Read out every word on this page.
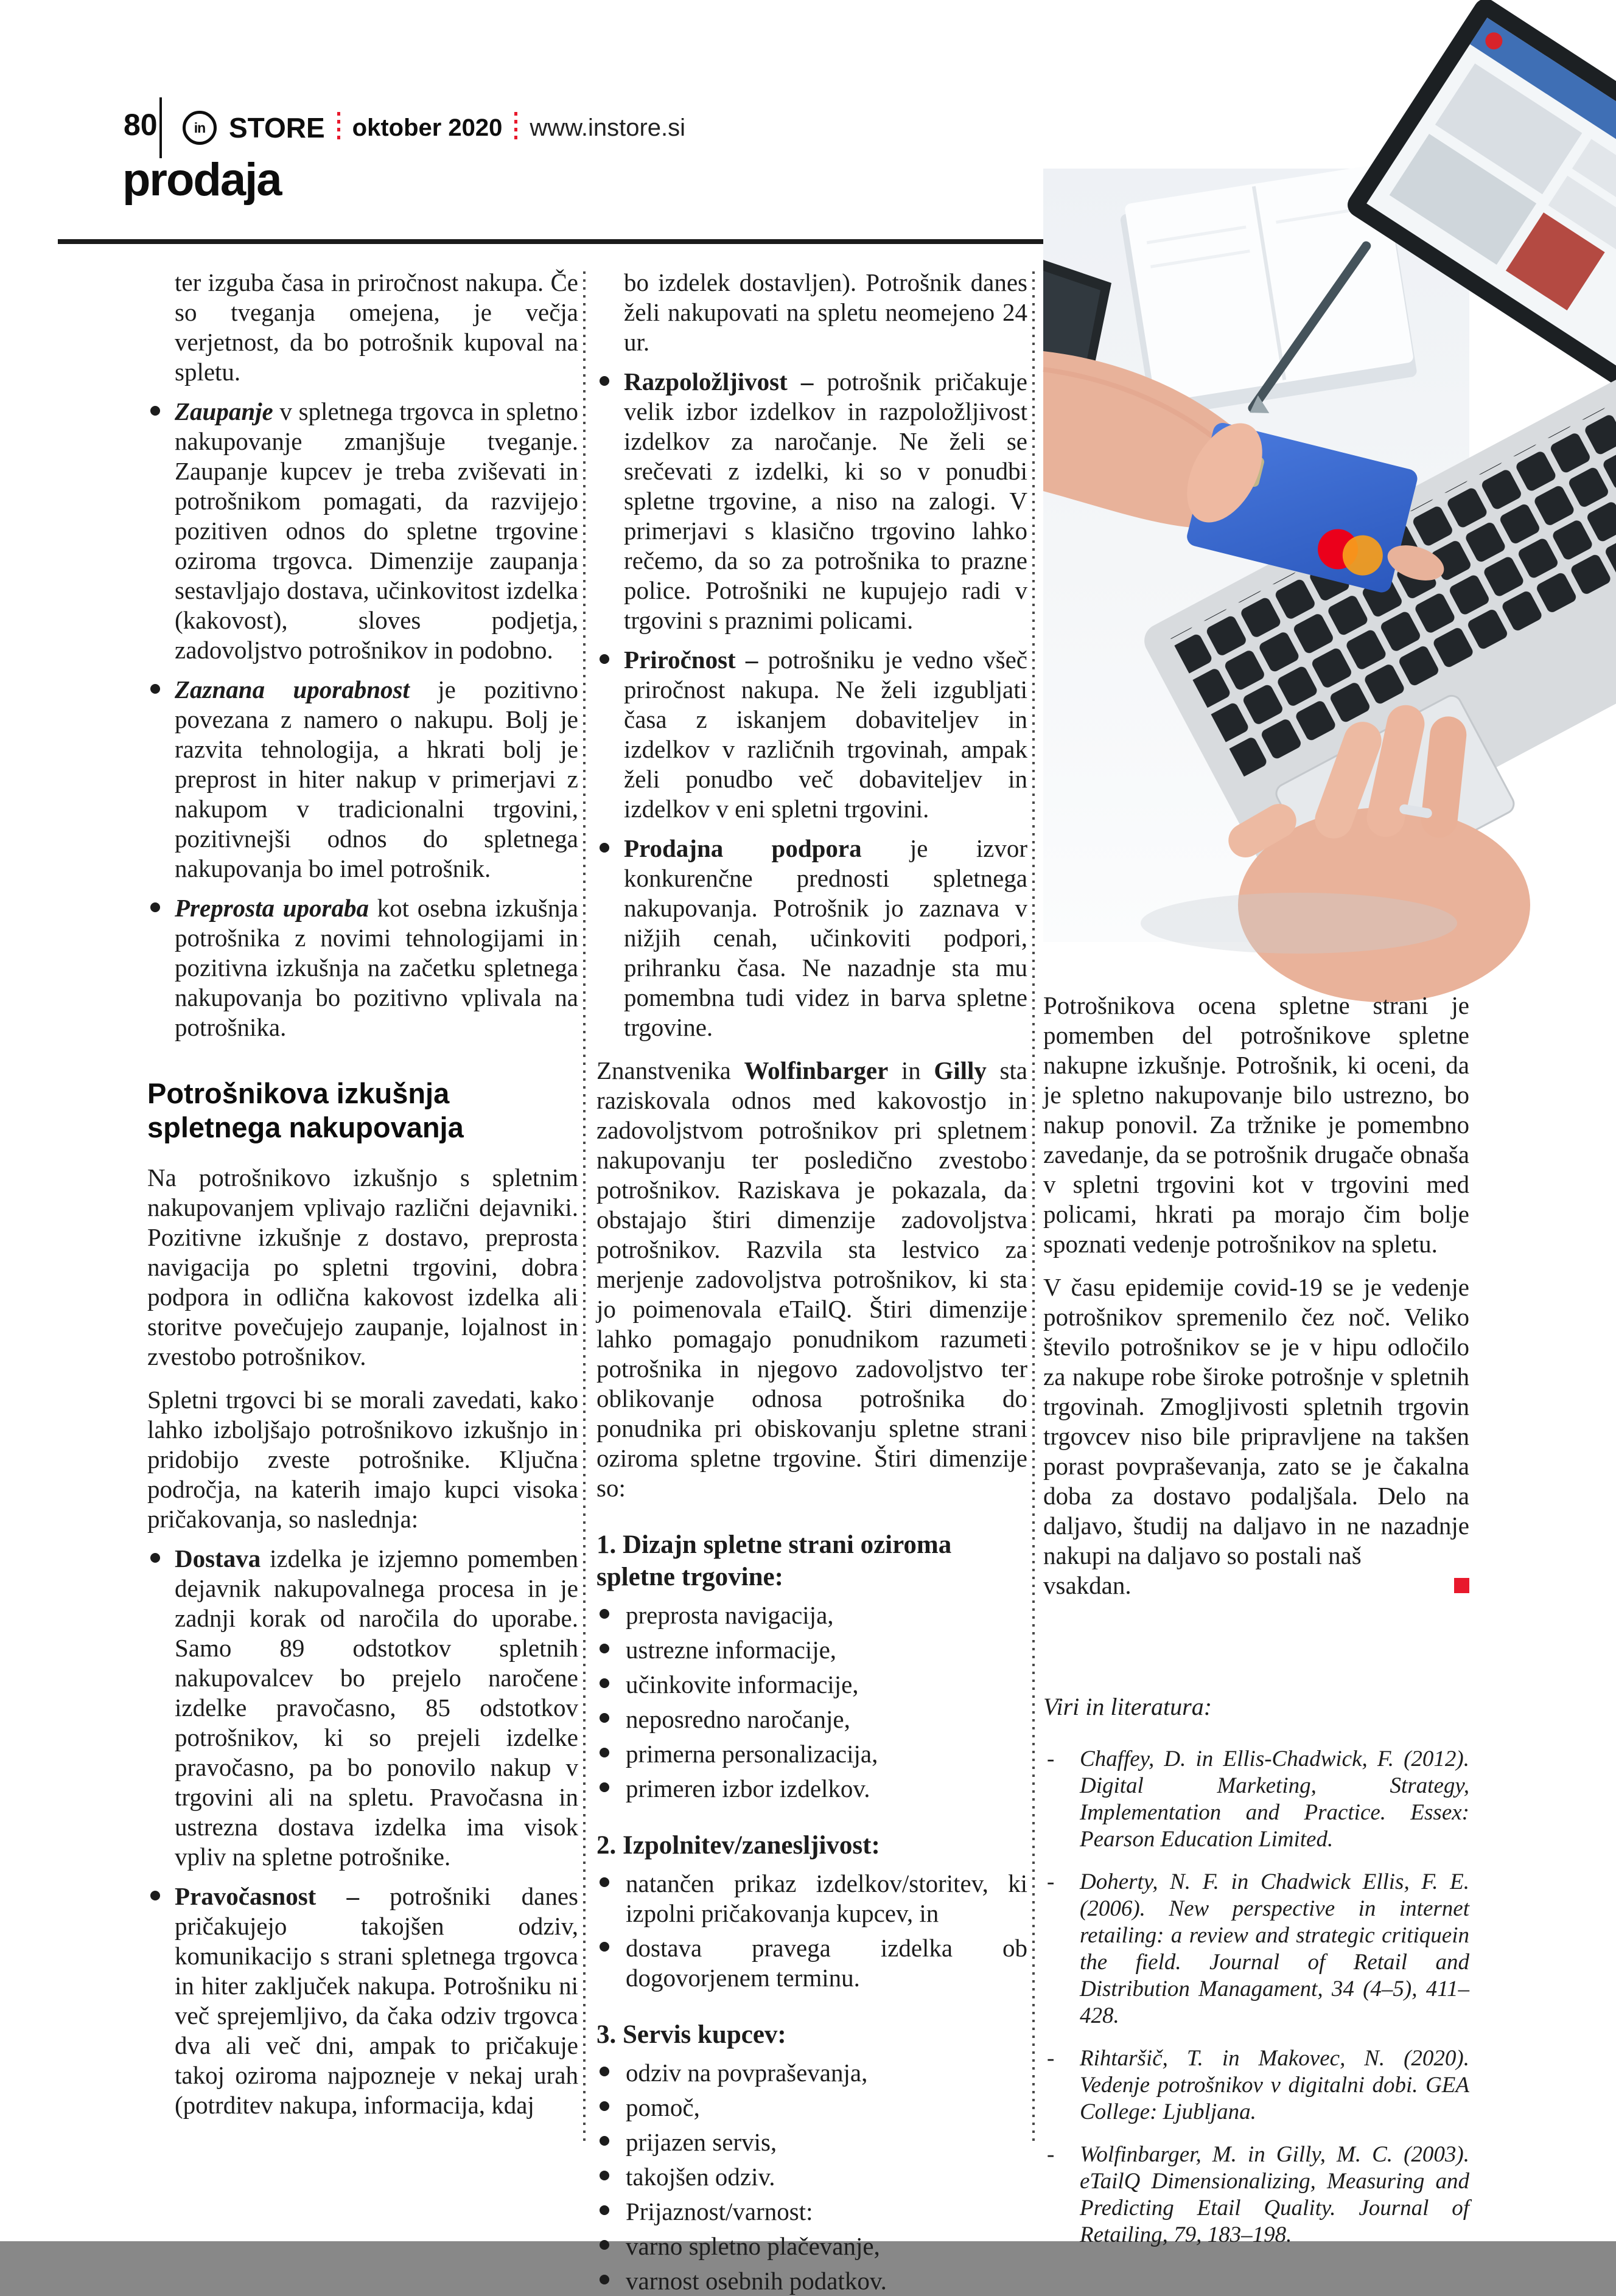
80	in STORE oktober 2020 www.instore.si
prodaja

ter izguba časa in priročnost nakupa. Če so tveganja omejena, je večja verjetnost, da bo potrošnik kupoval na spletu.

Zaupanje v spletnega trgovca in spletno nakupovanje zmanjšuje tveganje. Zaupanje kupcev je treba zviševati in potrošnikom pomagati, da razvijejo pozitiven odnos do spletne trgovine oziroma trgovca. Dimenzije zaupanja sestavljajo dostava, učinkovitost izdelka (kakovost), sloves podjetja, zadovoljstvo potrošnikov in podobno.
Zaznana uporabnost je pozitivno povezana z namero o nakupu. Bolj je razvita tehnologija, a hkrati bolj je preprost in hiter nakup v primerjavi z nakupom v tradicionalni trgovini, pozitivnejši odnos do spletnega nakupovanja bo imel potrošnik.
Preprosta uporaba kot osebna izkušnja potrošnika z novimi tehnologijami in pozitivna izkušnja na začetku spletnega nakupovanja bo pozitivno vplivala na potrošnika.
Potrošnikova izkušnja spletnega nakupovanja

Na potrošnikovo izkušnjo s spletnim nakupovanjem vplivajo različni dejavniki. Pozitivne izkušnje z dostavo, preprosta navigacija po spletni trgovini, dobra podpora in odlična kakovost izdelka ali storitve povečujejo zaupanje, lojalnost in zvestobo potrošnikov.

Spletni trgovci bi se morali zavedati, kako lahko izboljšajo potrošnikovo izkušnjo in pridobijo zveste potrošnike. Ključna področja, na katerih imajo kupci visoka pričakovanja, so naslednja:

Dostava izdelka je izjemno pomemben dejavnik nakupovalnega procesa in je zadnji korak od naročila do uporabe. Samo 89 odstotkov spletnih nakupovalcev bo prejelo naročene izdelke pravočasno, 85 odstotkov potrošnikov, ki so prejeli izdelke pravočasno, pa bo ponovilo nakup v trgovini ali na spletu. Pravočasna in ustrezna dostava izdelka ima visok vpliv na spletne potrošnike.
Pravočasnost – potrošniki danes pričakujejo takojšen odziv, komunikacijo s strani spletnega trgovca in hiter zaključek nakupa. Potrošniku ni več sprejemljivo, da čaka odziv trgovca dva ali več dni, ampak to pričakuje takoj oziroma najpozneje v nekaj urah (potrditev nakupa, informacija, kdaj

bo izdelek dostavljen). Potrošnik danes želi nakupovati na spletu neomejeno 24 ur.

Razpoložljivost – potrošnik pričakuje velik izbor izdelkov in razpoložljivost izdelkov za naročanje. Ne želi se srečevati z izdelki, ki so v ponudbi spletne trgovine, a niso na zalogi. V primerjavi s klasično trgovino lahko rečemo, da so za potrošnika to prazne police. Potrošniki ne kupujejo radi v trgovini s praznimi policami.
Priročnost – potrošniku je vedno všeč priročnost nakupa. Ne želi izgubljati časa z iskanjem dobaviteljev in izdelkov v različnih trgovinah, ampak želi ponudbo več dobaviteljev in izdelkov v eni spletni trgovini.
Prodajna podpora je izvor konkurenčne prednosti spletnega nakupovanja. Potrošnik jo zaznava v nižjih cenah, učinkoviti podpori, prihranku časa. Ne nazadnje sta mu pomembna tudi videz in barva spletne trgovine.

Znanstvenika Wolfinbarger in Gilly sta raziskovala odnos med kakovostjo in zadovoljstvom potrošnikov pri spletnem nakupovanju ter posledično zvestobo potrošnikov. Raziskava je pokazala, da obstajajo štiri dimenzije zadovoljstva potrošnikov. Razvila sta lestvico za merjenje zadovoljstva potrošnikov, ki sta jo poimenovala eTailQ. Štiri dimenzije lahko pomagajo ponudnikom razumeti potrošnika in njegovo zadovoljstvo ter oblikovanje odnosa potrošnika do ponudnika pri obiskovanju spletne strani oziroma spletne trgovine. Štiri dimenzije so:

1. Dizajn spletne strani oziroma spletne trgovine:
preprosta navigacija,
ustrezne informacije,
učinkovite informacije,
neposredno naročanje,
primerna personalizacija,
primeren izbor izdelkov.
2. Izpolnitev/zanesljivost:
natančen prikaz izdelkov/storitev, ki izpolni pričakovanja kupcev, in
dostava pravega izdelka ob dogovorjenem terminu.
3. Servis kupcev:
odziv na povpraševanja,
pomoč,
prijazen servis,
takojšen odziv.
Prijaznost/varnost:
varno spletno plačevanje,
varnost osebnih podatkov.

Potrošnikova ocena spletne strani je pomemben del potrošnikove spletne nakupne izkušnje. Potrošnik, ki oceni, da je spletno nakupovanje bilo ustrezno, bo nakup ponovil. Za tržnike je pomembno zavedanje, da se potrošnik drugače obnaša v spletni trgovini kot v trgovini med policami, hkrati pa morajo čim bolje spoznati vedenje potrošnikov na spletu.

V času epidemije covid-19 se je vedenje potrošnikov spremenilo čez noč. Veliko število potrošnikov se je v hipu odločilo za nakupe robe široke potrošnje v spletnih trgovinah. Zmogljivosti spletnih trgovin trgovcev niso bile pripravljene na takšen porast povpraševanja, zato se je čakalna doba za dostavo podaljšala. Delo na daljavo, študij na daljavo in ne nazadnje nakupi na daljavo so postali naš

vsakdan.

Viri in literatura:

- Chaffey, D. in Ellis-Chadwick, F. (2012). Digital Marketing, Strategy, Implementation and Practice. Essex: Pearson Education Limited.
- Doherty, N. F. in Chadwick Ellis, F. E. (2006). New perspective in internet retailing: a review and strategic critiquein the field. Journal of Retail and Distribution Managament, 34 (4–5), 411–428.
- Rihtaršič, T. in Makovec, N. (2020). Vedenje potrošnikov v digitalni dobi. GEA College: Ljubljana.
- Wolfinbarger, M. in Gilly, M. C. (2003). eTailQ Dimensionalizing, Measuring and Predicting Etail Quality. Journal of Retailing, 79, 183–198.
